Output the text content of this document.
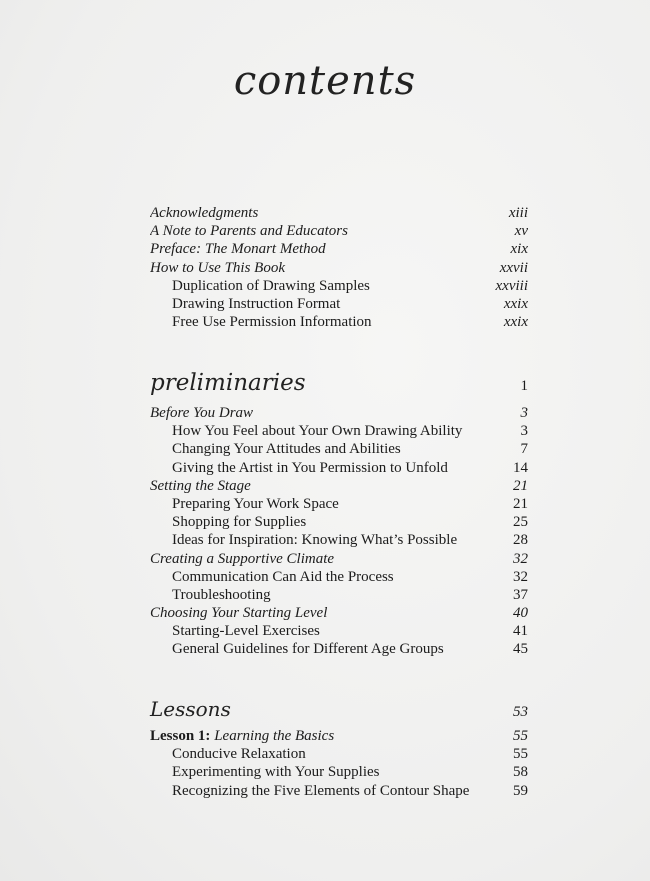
contents
Acknowledgments	xiii
A Note to Parents and Educators	xv
Preface: The Monart Method	xix
How to Use This Book	xxvii
Duplication of Drawing Samples	xxviii
Drawing Instruction Format	xxix
Free Use Permission Information	xxix
preliminaries	1
Before You Draw	3
How You Feel about Your Own Drawing Ability	3
Changing Your Attitudes and Abilities	7
Giving the Artist in You Permission to Unfold	14
Setting the Stage	21
Preparing Your Work Space	21
Shopping for Supplies	25
Ideas for Inspiration: Knowing What’s Possible	28
Creating a Supportive Climate	32
Communication Can Aid the Process	32
Troubleshooting	37
Choosing Your Starting Level	40
Starting-Level Exercises	41
General Guidelines for Different Age Groups	45
Lessons	53
Lesson 1: Learning the Basics	55
Conducive Relaxation	55
Experimenting with Your Supplies	58
Recognizing the Five Elements of Contour Shape	59
